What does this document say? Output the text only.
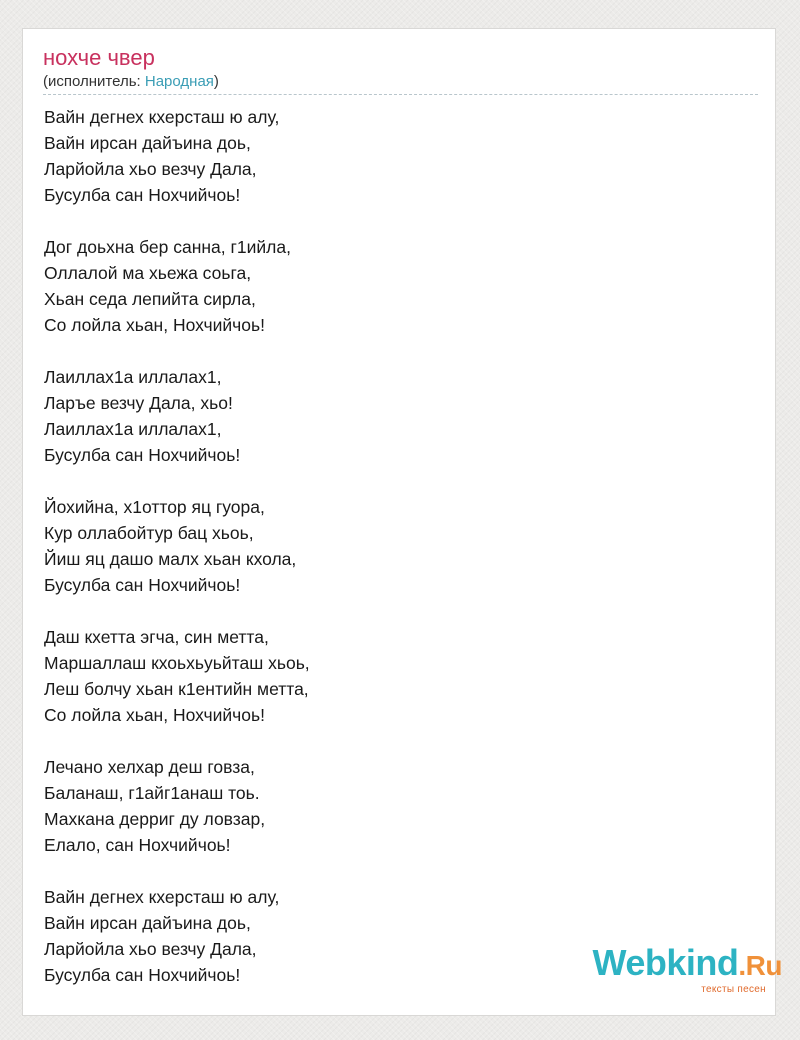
нохче чвер
(исполнитель: Народная)
Вайн дегнех кхерсташ ю алу,
Вайн ирсан дайъина доь,
Ларйойла хьо везчу Дала,
Бусулба сан Нохчийчоь!
Дог доьхна бер санна, г1ийла,
Оллалой ма хьежа соьга,
Хьан седа лепийта сирла,
Со лойла хьан, Нохчийчоь!
Лаиллах1а иллалах1,
Ларъе везчу Дала, хьо!
Лаиллах1а иллалах1,
Бусулба сан Нохчийчоь!
Йохийна, х1оттор яц гуора,
Кур оллабойтур бац хьоь,
Йиш яц дашо малх хьан кхола,
Бусулба сан Нохчийчоь!
Даш кхетта эгча, син метта,
Маршаллаш кхоьхьуьйташ хьоь,
Леш болчу хьан к1ентийн метта,
Со лойла хьан, Нохчийчоь!
Лечано хелхар деш говза,
Баланаш, г1айг1анаш тоь.
Махкана дерриг ду ловзар,
Елало, сан Нохчийчоь!
Вайн дегнех кхерсташ ю алу,
Вайн ирсан дайъина доь,
Ларйойла хьо везчу Дала,
Бусулба сан Нохчийчоь!	Webkind.Ru
тексты песен
